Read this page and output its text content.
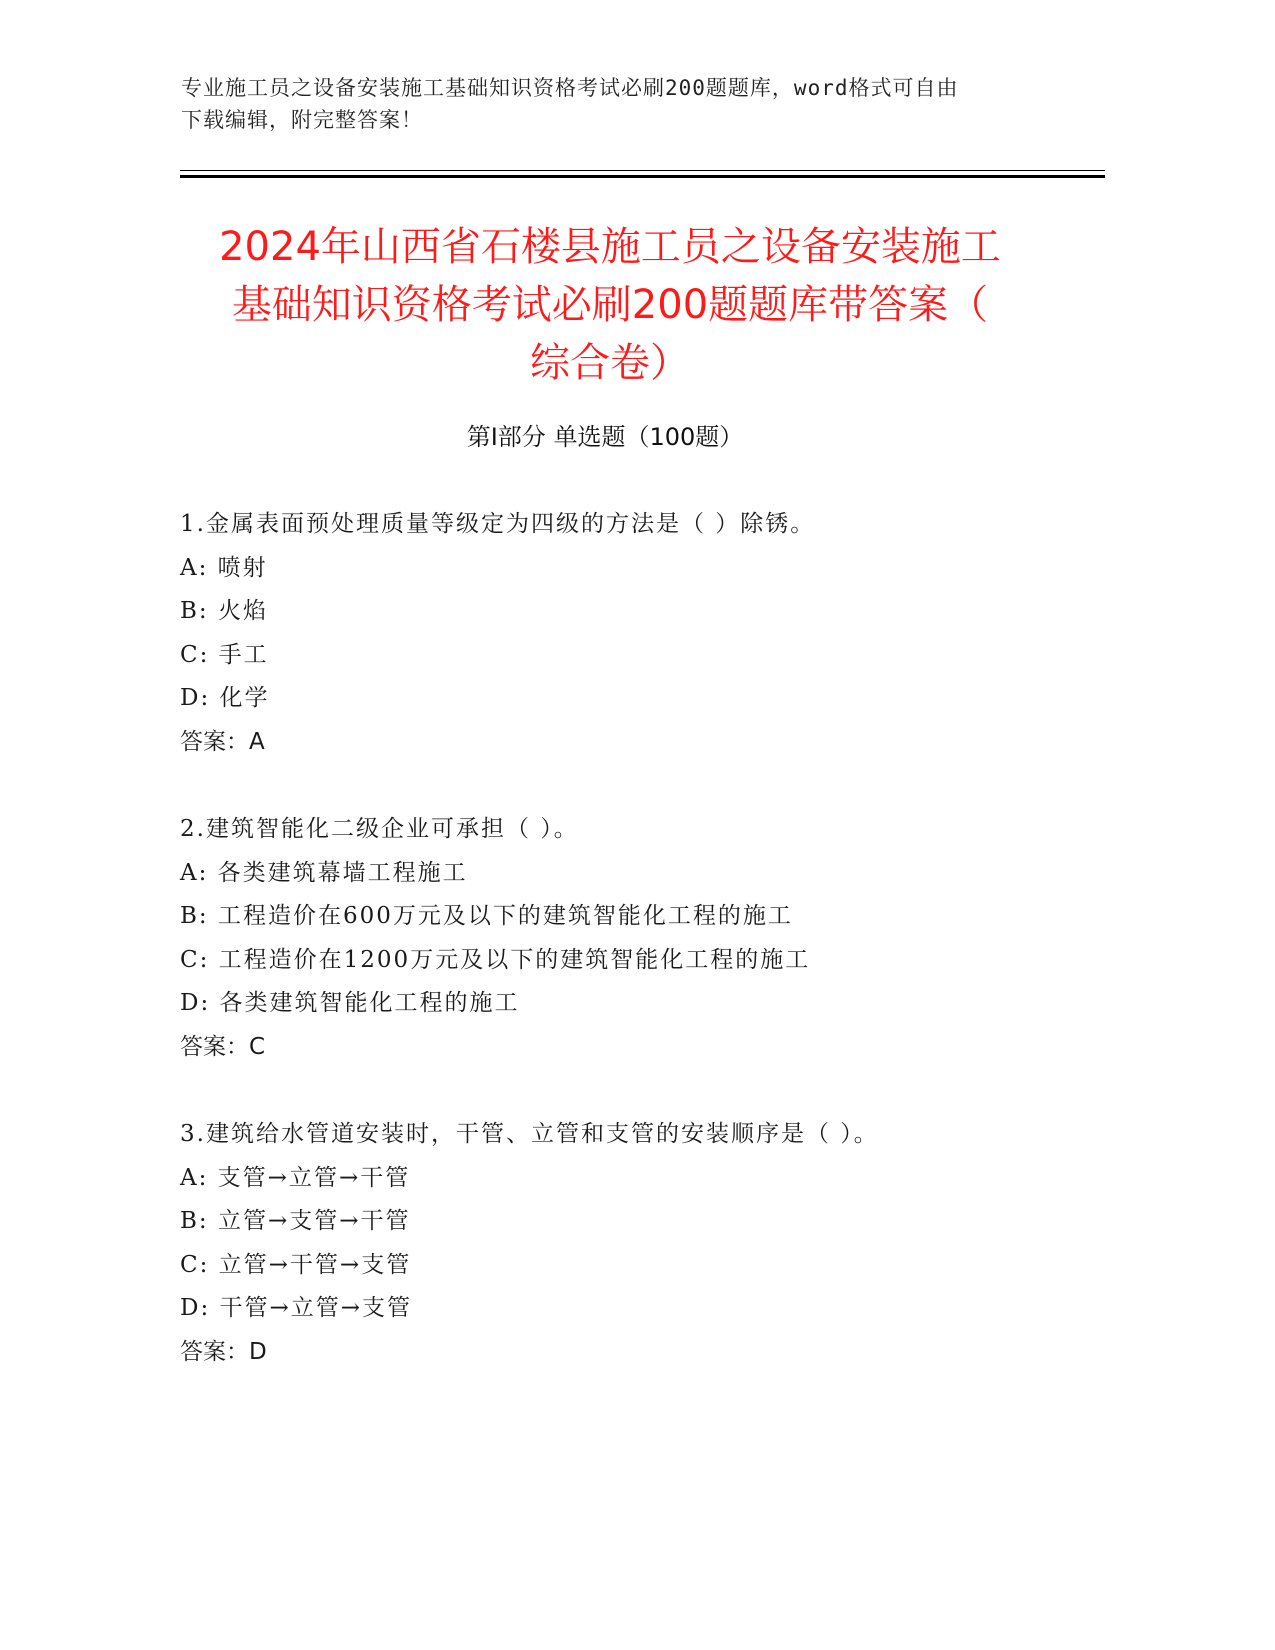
专业施工员之设备安装施工基础知识资格考试必刷200题题库，word格式可自由
下载编辑，附完整答案！
2024年山西省石楼县施工员之设备安装施工
基础知识资格考试必刷200题题库带答案（
综合卷）
第Ⅰ部分 单选题（100题）
1.金属表面预处理质量等级定为四级的方法是（ ）除锈。
A: 喷射
B: 火焰
C: 手工
D: 化学
答案：A
2.建筑智能化二级企业可承担（ ）。
A: 各类建筑幕墙工程施工
B: 工程造价在600万元及以下的建筑智能化工程的施工
C: 工程造价在1200万元及以下的建筑智能化工程的施工
D: 各类建筑智能化工程的施工
答案：C
3.建筑给水管道安装时，干管、立管和支管的安装顺序是（ ）。
A: 支管→立管→干管
B: 立管→支管→干管
C: 立管→干管→支管
D: 干管→立管→支管
答案：D
